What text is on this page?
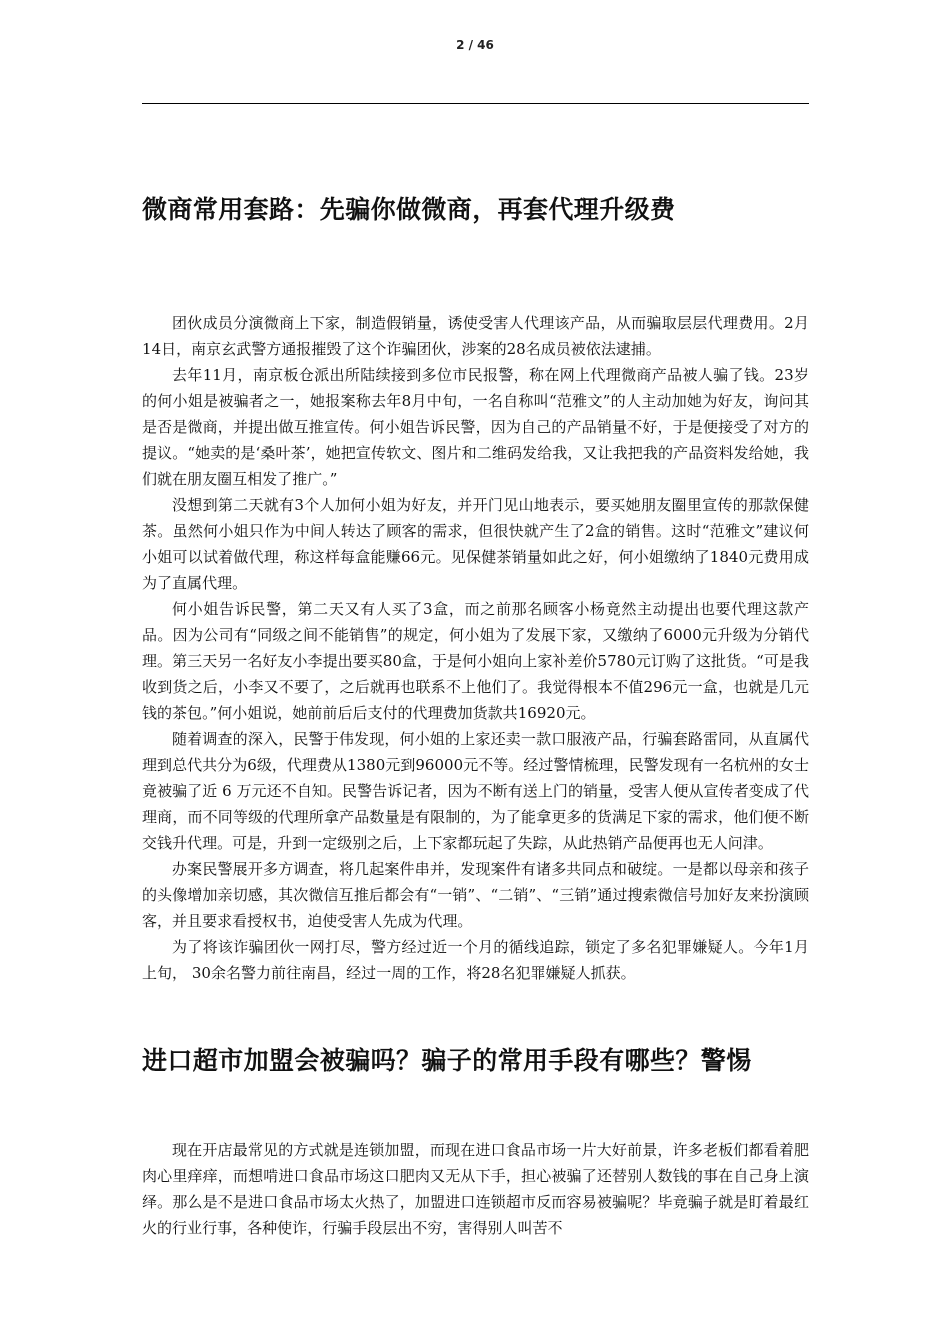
2 / 46
微商常用套路：先骗你做微商，再套代理升级费

团伙成员分演微商上下家，制造假销量，诱使受害人代理该产品，从而骗取层层代理费用。2月14日，南京玄武警方通报摧毁了这个诈骗团伙，涉案的28名成员被依法逮捕。

去年11月，南京板仓派出所陆续接到多位市民报警，称在网上代理微商产品被人骗了钱。23岁的何小姐是被骗者之一，她报案称去年8月中旬，一名自称叫“范雅文”的人主动加她为好友，询问其是否是微商，并提出做互推宣传。何小姐告诉民警，因为自己的产品销量不好，于是便接受了对方的提议。“她卖的是‘桑叶茶’，她把宣传软文、图片和二维码发给我，又让我把我的产品资料发给她，我们就在朋友圈互相发了推广。”

没想到第二天就有3个人加何小姐为好友，并开门见山地表示，要买她朋友圈里宣传的那款保健茶。虽然何小姐只作为中间人转达了顾客的需求，但很快就产生了2盒的销售。这时“范雅文”建议何小姐可以试着做代理，称这样每盒能赚66元。见保健茶销量如此之好，何小姐缴纳了1840元费用成为了直属代理。

何小姐告诉民警，第二天又有人买了3盒，而之前那名顾客小杨竟然主动提出也要代理这款产品。因为公司有“同级之间不能销售”的规定，何小姐为了发展下家，又缴纳了6000元升级为分销代理。第三天另一名好友小李提出要买80盒，于是何小姐向上家补差价5780元订购了这批货。“可是我收到货之后，小李又不要了，之后就再也联系不上他们了。我觉得根本不值296元一盒，也就是几元钱的茶包。”何小姐说，她前前后后支付的代理费加货款共16920元。

随着调查的深入，民警于伟发现，何小姐的上家还卖一款口服液产品，行骗套路雷同，从直属代理到总代共分为6级，代理费从1380元到96000元不等。经过警情梳理，民警发现有一名杭州的女士竟被骗了近 6 万元还不自知。民警告诉记者，因为不断有送上门的销量，受害人便从宣传者变成了代理商，而不同等级的代理所拿产品数量是有限制的，为了能拿更多的货满足下家的需求，他们便不断交钱升代理。可是，升到一定级别之后，上下家都玩起了失踪，从此热销产品便再也无人问津。

办案民警展开多方调查，将几起案件串并，发现案件有诸多共同点和破绽。一是都以母亲和孩子的头像增加亲切感，其次微信互推后都会有“一销”、“二销”、“三销”通过搜索微信号加好友来扮演顾客，并且要求看授权书，迫使受害人先成为代理。

为了将该诈骗团伙一网打尽，警方经过近一个月的循线追踪，锁定了多名犯罪嫌疑人。今年1月上旬， 30余名警力前往南昌，经过一周的工作，将28名犯罪嫌疑人抓获。

进口超市加盟会被骗吗？骗子的常用手段有哪些？警惕

现在开店最常见的方式就是连锁加盟，而现在进口食品市场一片大好前景，许多老板们都看着肥肉心里痒痒，而想啃进口食品市场这口肥肉又无从下手，担心被骗了还替别人数钱的事在自己身上演绎。那么是不是进口食品市场太火热了，加盟进口连锁超市反而容易被骗呢？毕竟骗子就是盯着最红火的行业行事，各种使诈，行骗手段层出不穷，害得别人叫苦不
